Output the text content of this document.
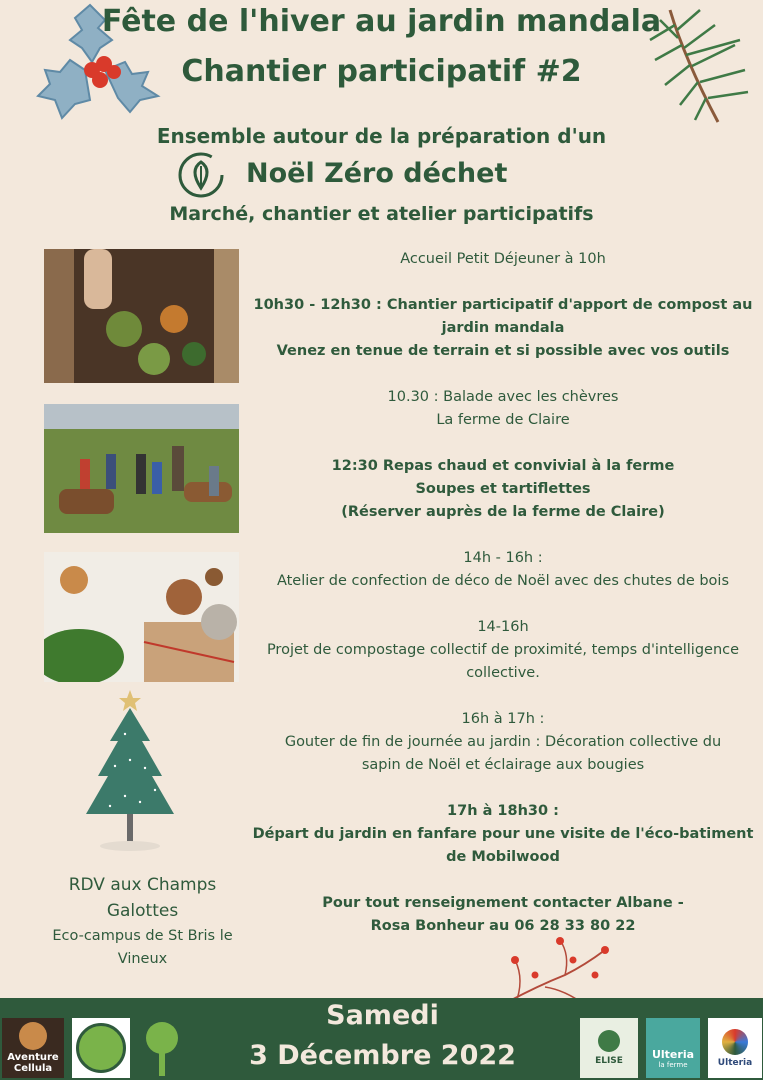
Fête de l'hiver au jardin mandala
Chantier participatif #2
Ensemble autour de la préparation d'un
Noël Zéro déchet
Marché, chantier et atelier participatifs

Accueil Petit Déjeuner à 10h

10h30 - 12h30 : Chantier participatif d'apport de compost au

jardin mandala

Venez en tenue de terrain et si possible avec vos outils

10.30 : Balade avec les chèvres

La ferme de Claire

12:30 Repas chaud et convivial à la ferme

Soupes et tartiflettes

(Réserver auprès de la ferme de Claire)

14h - 16h :

Atelier de confection de déco de Noël avec des chutes de bois

14-16h

Projet de compostage collectif de proximité, temps d'intelligence

collective.

16h à 17h :

Gouter de fin de journée au jardin : Décoration collective du

sapin de Noël et éclairage aux bougies

17h à 18h30 :

Départ du jardin en fanfare pour une visite de l'éco-batiment

de Mobilwood

Pour tout renseignement contacter Albane -

Rosa Bonheur au 06 28 33 80 22

RDV aux Champs
Galottes
Eco-campus de St Bris le
Vineux
Samedi
3 Décembre 2022
Aventure Cellula
ELISE
Ulteria
la ferme	Ulteria
